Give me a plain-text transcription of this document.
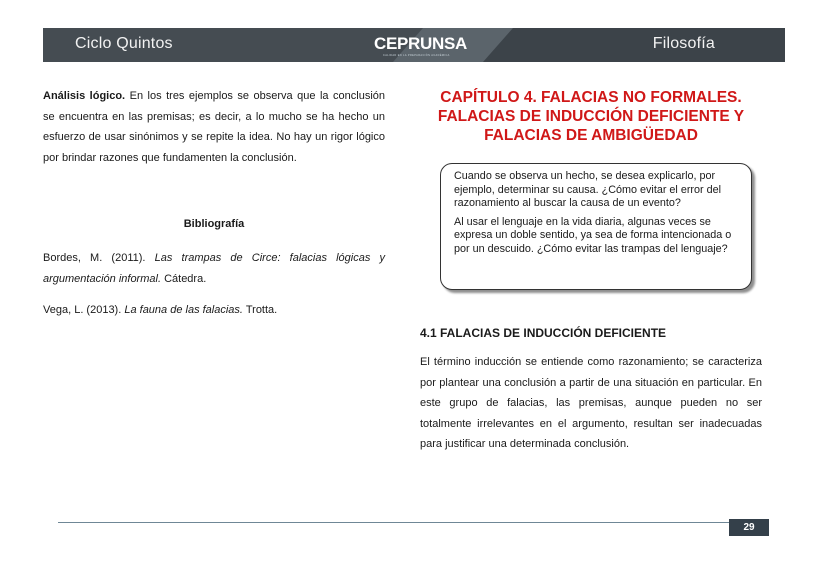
Ciclo Quintos	CEPRUNSA
CALIDAD EN LA PREPARACIÓN ACADÉMICA
Filosofía

Análisis lógico. En los tres ejemplos se observa que la conclusión se encuentra en las premisas; es decir, a lo mucho se ha hecho un esfuerzo de usar sinónimos y se repite la idea. No hay un rigor lógico por brindar razones que fundamenten la conclusión.

Bibliografía

Bordes, M. (2011). Las trampas de Circe: falacias lógicas y argumentación informal. Cátedra.

Vega, L. (2013). La fauna de las falacias. Trotta.

CAPÍTULO 4. FALACIAS NO FORMALES. FALACIAS DE INDUCCIÓN DEFICIENTE Y FALACIAS DE AMBIGÜEDAD

Cuando se observa un hecho, se desea explicarlo, por ejemplo, determinar su causa. ¿Cómo evitar el error del razonamiento al buscar la causa de un evento?

Al usar el lenguaje en la vida diaria, algunas veces se expresa un doble sentido, ya sea de forma intencionada o por un descuido. ¿Cómo evitar las trampas del lenguaje?

4.1 FALACIAS DE INDUCCIÓN DEFICIENTE

El término inducción se entiende como razonamiento; se caracteriza por plantear una conclusión a partir de una situación en particular. En este grupo de falacias, las premisas, aunque pueden no ser totalmente irrelevantes en el argumento, resultan ser inadecuadas para justificar una determinada conclusión.

29
